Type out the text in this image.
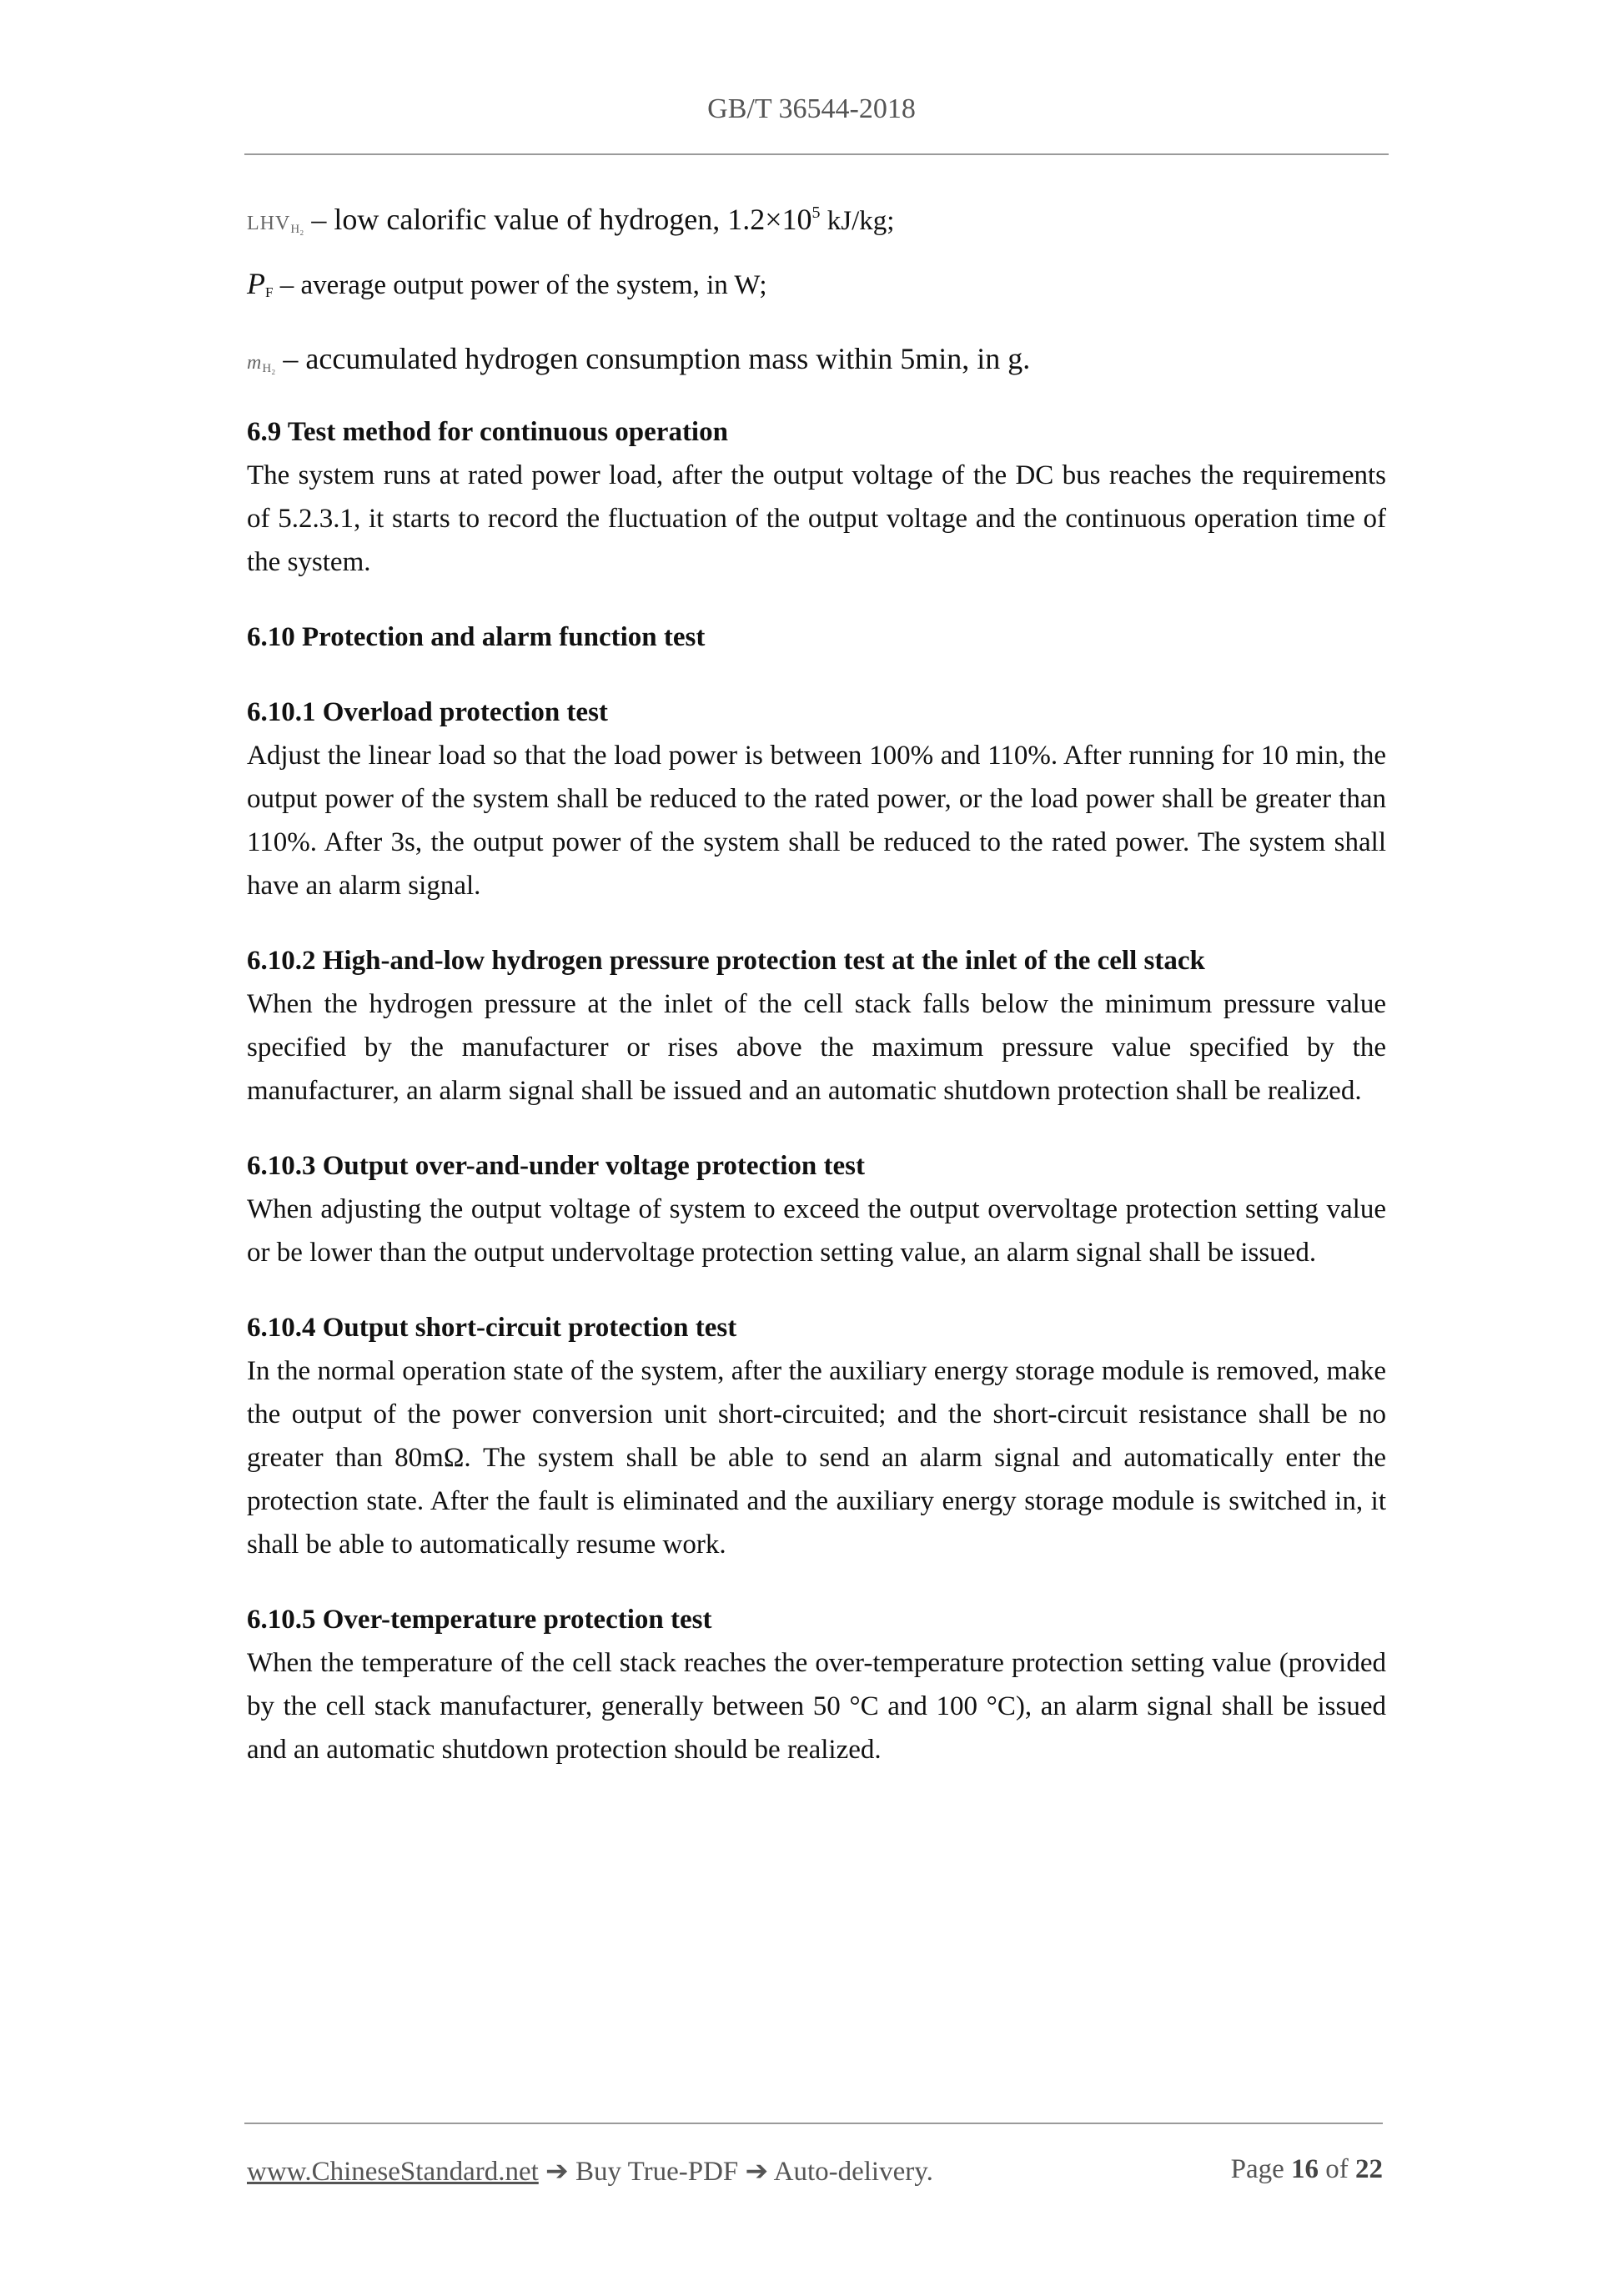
GB/T 36544-2018
$LHV_{H_2}$ – low calorific value of hydrogen, $1.2\times 10^5$ kJ/kg;
PF – average output power of the system, in W;
$m_{H_2}$ – accumulated hydrogen consumption mass within 5min, in g.
6.9 Test method for continuous operation

The system runs at rated power load, after the output voltage of the DC bus reaches the requirements of 5.2.3.1, it starts to record the fluctuation of the output voltage and the continuous operation time of the system.

6.10 Protection and alarm function test
6.10.1 Overload protection test

Adjust the linear load so that the load power is between 100% and 110%. After running for 10 min, the output power of the system shall be reduced to the rated power, or the load power shall be greater than 110%. After 3s, the output power of the system shall be reduced to the rated power. The system shall have an alarm signal.

6.10.2 High-and-low hydrogen pressure protection test at the inlet of the cell stack

When the hydrogen pressure at the inlet of the cell stack falls below the minimum pressure value specified by the manufacturer or rises above the maximum pressure value specified by the manufacturer, an alarm signal shall be issued and an automatic shutdown protection shall be realized.

6.10.3 Output over-and-under voltage protection test

When adjusting the output voltage of system to exceed the output overvoltage protection setting value or be lower than the output undervoltage protection setting value, an alarm signal shall be issued.

6.10.4 Output short-circuit protection test

In the normal operation state of the system, after the auxiliary energy storage module is removed, make the output of the power conversion unit short-circuited; and the short-circuit resistance shall be no greater than 80mΩ. The system shall be able to send an alarm signal and automatically enter the protection state. After the fault is eliminated and the auxiliary energy storage module is switched in, it shall be able to automatically resume work.

6.10.5 Over-temperature protection test

When the temperature of the cell stack reaches the over-temperature protection setting value (provided by the cell stack manufacturer, generally between 50 °C and 100 °C), an alarm signal shall be issued and an automatic shutdown protection should be realized.

www.ChineseStandard.net ➔ Buy True-PDF ➔ Auto-delivery.	Page 16 of 22
